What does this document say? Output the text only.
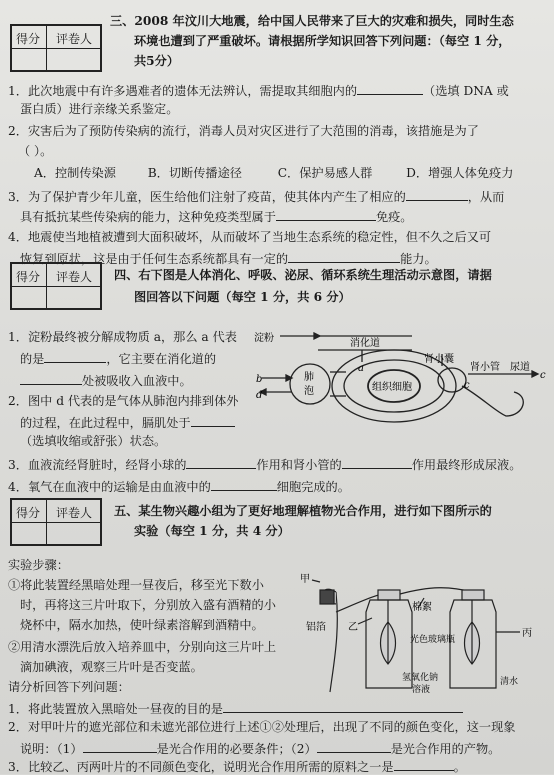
得分 评卷人
三、2008 年汶川大地震，给中国人民带来了巨大的灾难和损失，同时生态
环境也遭到了严重破坏。请根据所学知识回答下列问题：（每空 1 分，
共5分）
1．此次地震中有许多遇难者的遗体无法辨认，需提取其细胞内的	（选填 DNA 或
蛋白质）进行亲缘关系鉴定。
2．灾害后为了预防传染病的流行，消毒人员对灾区进行了大范围的消毒，该措施是为了
（ ）。
A．控制传染源	B．切断传播途径	C．保护易感人群	D．增强人体免疫力
3．为了保护青少年儿童，医生给他们注射了疫苗，使其体内产生了相应的	，从而
具有抵抗某些传染病的能力，这种免疫类型属于	免疫。
4．地震使当地植被遭到大面积破坏，从而破坏了当地生态系统的稳定性，但不久之后又可
恢复到原状，这是由于任何生态系统都具有一定的	能力。
得分 评卷人 四、右下图是人体消化、呼吸、泌尿、循环系统生理活动示意图，请据
图回答以下问题（每空 1 分，共 6 分）
1．淀粉最终被分解成物质 a，那么 a 代表
的是	，它主要在消化道的
处被吸收入血液中。
2．图中 d 代表的是气体从肺泡内排到体外
的过程，在此过程中，膈肌处于
（选填收缩或舒张）状态。
3．血液流经肾脏时，经肾小球的	作用和肾小管的	作用最终形成尿液。
4．氧气在血液中的运输是由血液中的	细胞完成的。
淀粉	消化道
肾小囊
肺
泡	组织细胞
肾小管 尿道
a
b
c
d
c
得分 评卷人 五、某生物兴趣小组为了更好地理解植物光合作用，进行如下图所示的
实验（每空 1 分，共 4 分）
实验步骤：
①将此装置经黑暗处理一昼夜后，移至光下数小
时，再将这三片叶取下，分别放入盛有酒精的小
烧杯中，隔水加热，使叶绿素溶解到酒精中。
②用清水漂洗后放入培养皿中，分别向这三片叶上
滴加碘液，观察三片叶是否变蓝。
请分析回答下列问题：
1．将此装置放入黑暗处一昼夜的目的是
2．对甲叶片的遮光部位和未遮光部位进行上述①②处理后，出现了不同的颜色变化，这一现象
说明：（1）	是光合作用的必要条件；（2）	是光合作用的产物。
3．比较乙、丙两叶片的不同颜色变化，说明光合作用所需的原料之一是	。
甲
铝箔 乙
棉絮
光色玻璃瓶
丙
氢氧化钠
溶液
清水
